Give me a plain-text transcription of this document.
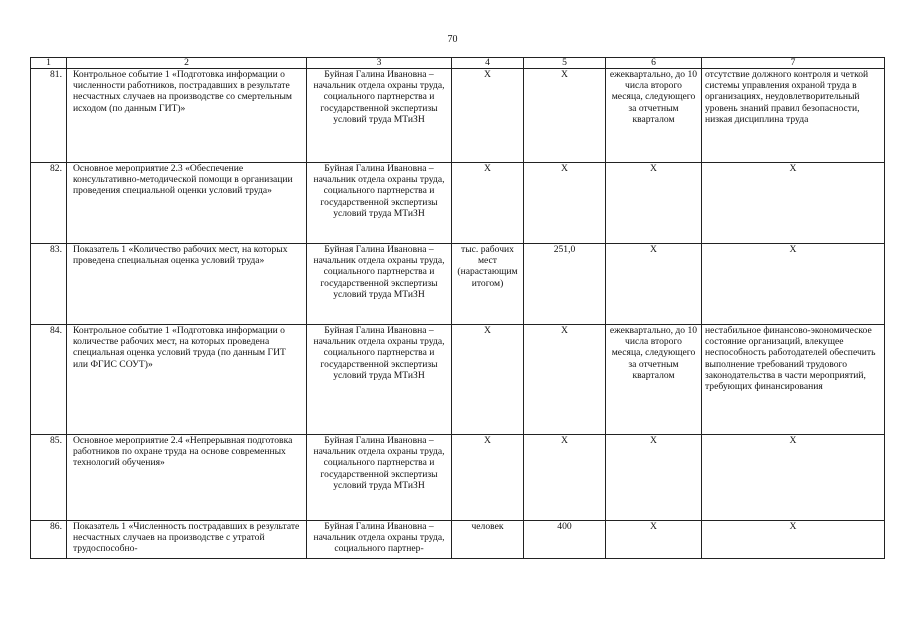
70
1	2	3	4	5	6	7
81.	Контрольное событие 1 «Подготовка информации о численности работников, пострадавших в результате несчастных случаев на производстве со смертельным исходом (по данным ГИТ)»	Буйная Галина Ивановна – начальник отдела охраны труда, социального партнерства и государственной экспертизы условий труда МТиЗН	Х	Х	ежеквартально, до 10 числа второго месяца, следующего за отчетным кварталом	отсутствие должного контроля и четкой системы управления охраной труда в организациях, неудовлетворительный уровень знаний правил безопасности, низкая дисциплина труда
82.	Основное мероприятие 2.3 «Обеспечение консультативно-методической помощи в организации проведения специальной оценки условий труда»	Буйная Галина Ивановна – начальник отдела охраны труда, социального партнерства и государственной экспертизы условий труда МТиЗН	Х	Х	Х	Х
83.	Показатель 1 «Количество рабочих мест, на которых проведена специальная оценка условий труда»	Буйная Галина Ивановна – начальник отдела охраны труда, социального партнерства и государственной экспертизы условий труда МТиЗН	тыс. рабочих мест (нарастающим итогом)	251,0	Х	Х
84.	Контрольное событие 1 «Подготовка информации о количестве рабочих мест, на которых проведена специальная оценка условий труда (по данным ГИТ или ФГИС СОУТ)»	Буйная Галина Ивановна – начальник отдела охраны труда, социального партнерства и государственной экспертизы условий труда МТиЗН	Х	Х	ежеквартально, до 10 числа второго месяца, следующего за отчетным кварталом	нестабильное финансово-экономическое состояние организаций, влекущее неспособность работодателей обеспечить выполнение требований трудового законодательства в части мероприятий, требующих финансирования
85.	Основное мероприятие 2.4 «Непрерывная подготовка работников по охране труда на основе современных технологий обучения»	Буйная Галина Ивановна – начальник отдела охраны труда, социального партнерства и государственной экспертизы условий труда МТиЗН	Х	Х	Х	Х
86.	Показатель 1 «Численность пострадавших в результате несчастных случаев на производстве с утратой трудоспособно-	Буйная Галина Ивановна – начальник отдела охраны труда, социального партнер-	человек	400	Х	Х
